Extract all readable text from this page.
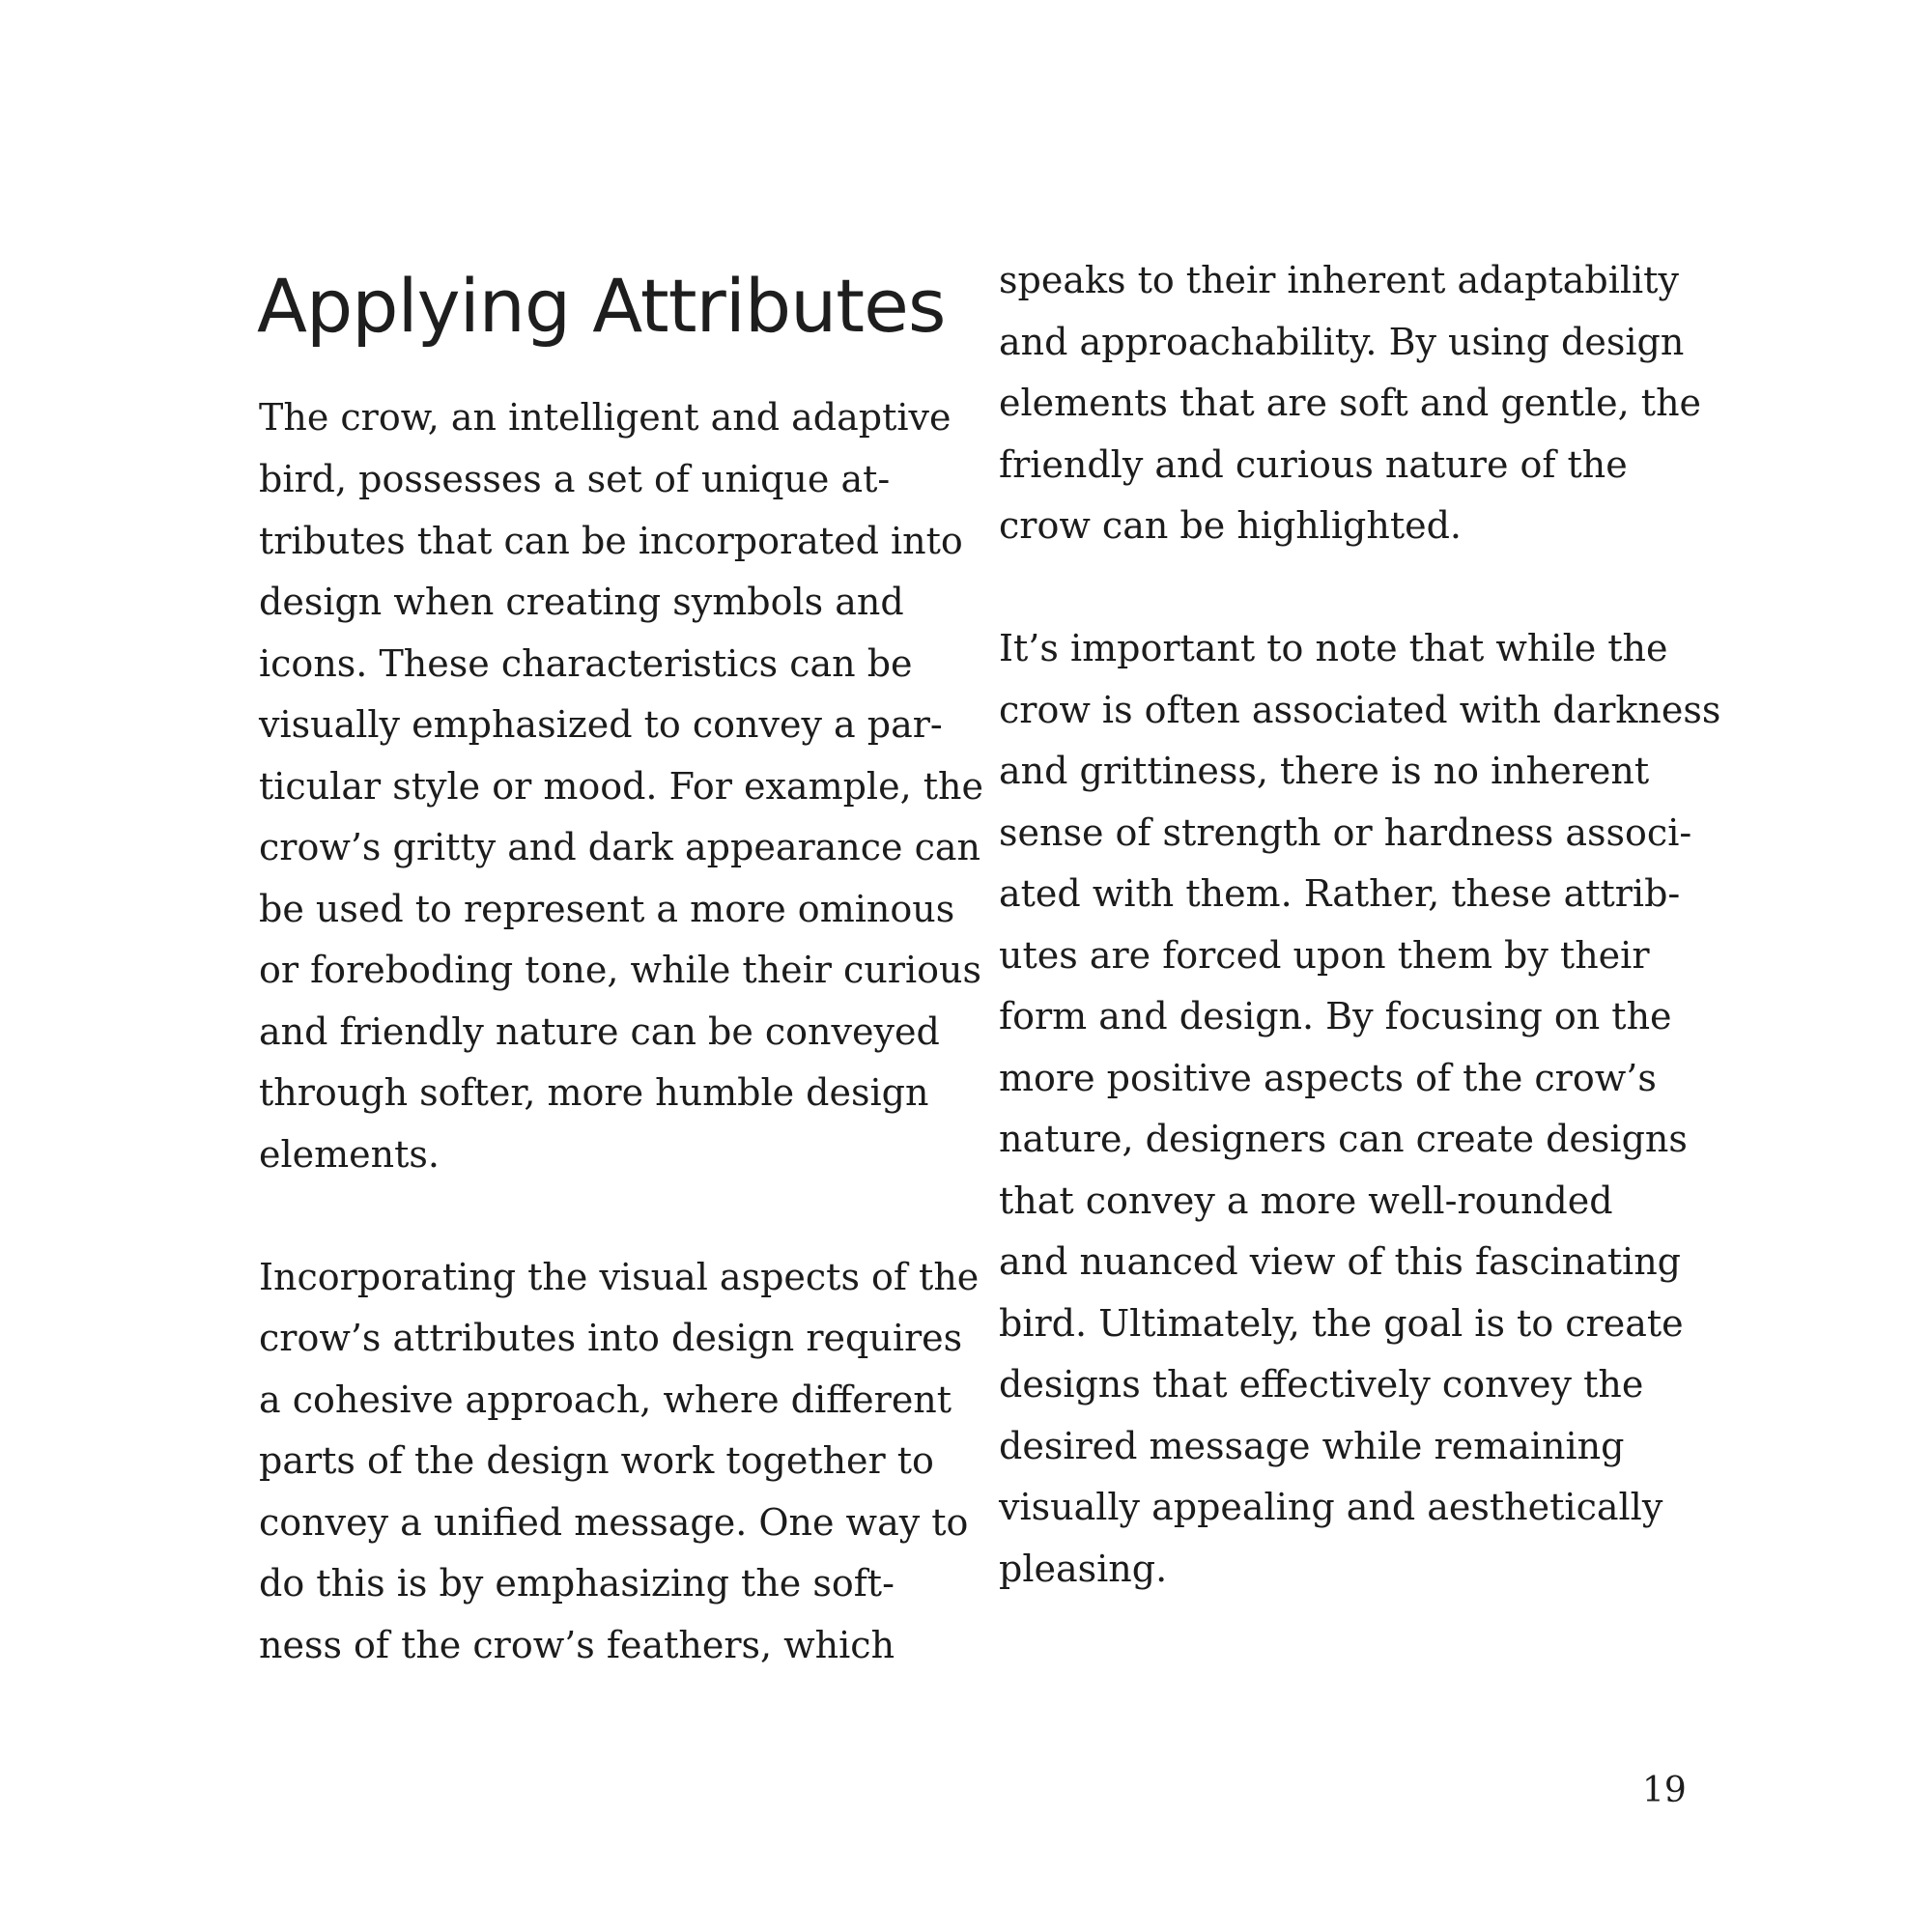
Applying Attributes

The crow, an intelligent and adaptive

bird, possesses a set of unique at-

tributes that can be incorporated into

design when creating symbols and

icons. These characteristics can be

visually emphasized to convey a par-

ticular style or mood. For example, the

crow’s gritty and dark appearance can

be used to represent a more ominous

or foreboding tone, while their curious

and friendly nature can be conveyed

through softer, more humble design

elements.

Incorporating the visual aspects of the

crow’s attributes into design requires

a cohesive approach, where different

parts of the design work together to

convey a unified message. One way to

do this is by emphasizing the soft-

ness of the crow’s feathers, which

speaks to their inherent adaptability

and approachability. By using design

elements that are soft and gentle, the

friendly and curious nature of the

crow can be highlighted.

It’s important to note that while the

crow is often associated with darkness

and grittiness, there is no inherent

sense of strength or hardness associ-

ated with them. Rather, these attrib-

utes are forced upon them by their

form and design. By focusing on the

more positive aspects of the crow’s

nature, designers can create designs

that convey a more well-rounded

and nuanced view of this fascinating

bird. Ultimately, the goal is to create

designs that effectively convey the

desired message while remaining

visually appealing and aesthetically

pleasing.

19
